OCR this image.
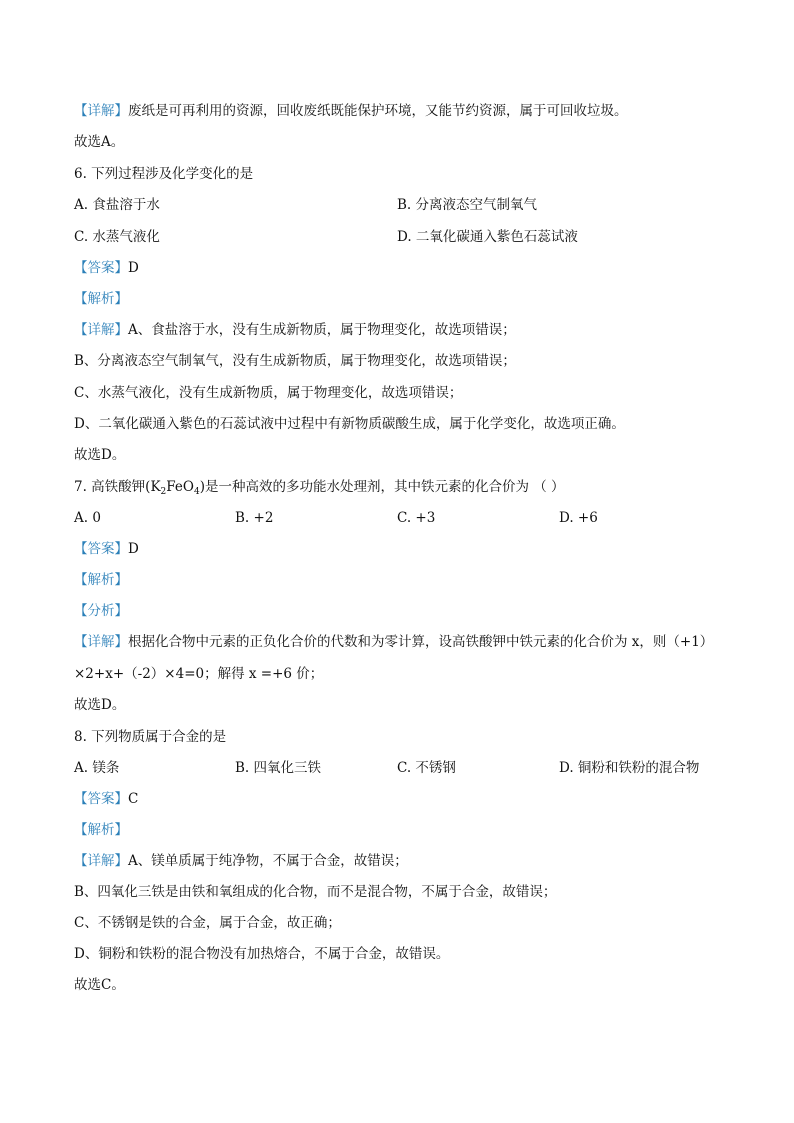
【详解】废纸是可再利用的资源，回收废纸既能保护环境，又能节约资源，属于可回收垃圾。
故选A。
6. 下列过程涉及化学变化的是
A. 食盐溶于水	B. 分离液态空气制氧气
C. 水蒸气液化	D. 二氧化碳通入紫色石蕊试液
【答案】D
【解析】
【详解】A、食盐溶于水，没有生成新物质，属于物理变化，故选项错误；
B、分离液态空气制氧气，没有生成新物质，属于物理变化，故选项错误；
C、水蒸气液化，没有生成新物质，属于物理变化，故选项错误；
D、二氧化碳通入紫色的石蕊试液中过程中有新物质碳酸生成，属于化学变化，故选项正确。
故选D。
7. 高铁酸钾$(K_2FeO_4)$是一种高效的多功能水处理剂，其中铁元素的化合价为 （ ）
A. 0	B. +2	C. +3	D. +6
【答案】D
【解析】
【分析】
【详解】根据化合物中元素的正负化合价的代数和为零计算，设高铁酸钾中铁元素的化合价为 x，则（+1）
×2+x+（-2）×4=0；解得 x =+6 价；
故选D。
8. 下列物质属于合金的是
A. 镁条	B. 四氧化三铁	C. 不锈钢	D. 铜粉和铁粉的混合物
【答案】C
【解析】
【详解】A、镁单质属于纯净物，不属于合金，故错误；
B、四氧化三铁是由铁和氧组成的化合物，而不是混合物，不属于合金，故错误；
C、不锈钢是铁的合金，属于合金，故正确；
D、铜粉和铁粉的混合物没有加热熔合，不属于合金，故错误。
故选C。
